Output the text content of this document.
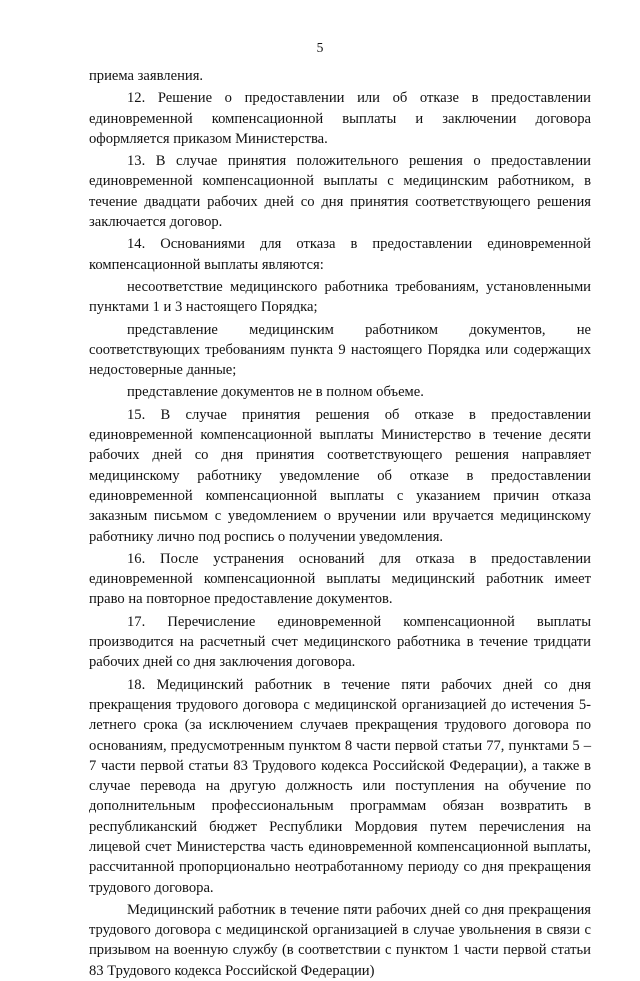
5

приема заявления.

12. Решение о предоставлении или об отказе в предоставлении единовременной компенсационной выплаты и заключении договора оформляется приказом Министерства.

13. В случае принятия положительного решения о предоставлении единовременной компенсационной выплаты с медицинским работником, в течение двадцати рабочих дней со дня принятия соответствующего решения заключается договор.

14. Основаниями для отказа в предоставлении единовременной компенсационной выплаты являются:

несоответствие медицинского работника требованиям, установленными пунктами 1 и 3 настоящего Порядка;

представление медицинским работником документов, не соответствующих требованиям пункта 9 настоящего Порядка или содержащих недостоверные данные;

представление документов не в полном объеме.

15. В случае принятия решения об отказе в предоставлении единовременной компенсационной выплаты Министерство в течение десяти рабочих дней со дня принятия соответствующего решения направляет медицинскому работнику уведомление об отказе в предоставлении единовременной компенсационной выплаты с указанием причин отказа заказным письмом с уведомлением о вручении или вручается медицинскому работнику лично под роспись о получении уведомления.

16. После устранения оснований для отказа в предоставлении единовременной компенсационной выплаты медицинский работник имеет право на повторное предоставление документов.

17. Перечисление единовременной компенсационной выплаты производится на расчетный счет медицинского работника в течение тридцати рабочих дней со дня заключения договора.

18. Медицинский работник в течение пяти рабочих дней со дня прекращения трудового договора с медицинской организацией до истечения 5-летнего срока (за исключением случаев прекращения трудового договора по основаниям, предусмотренным пунктом 8 части первой статьи 77, пунктами 5 – 7 части первой статьи 83 Трудового кодекса Российской Федерации), а также в случае перевода на другую должность или поступления на обучение по дополнительным профессиональным программам обязан возвратить в республиканский бюджет Республики Мордовия путем перечисления на лицевой счет Министерства часть единовременной компенсационной выплаты, рассчитанной пропорционально неотработанному периоду со дня прекращения трудового договора.

Медицинский работник в течение пяти рабочих дней со дня прекращения трудового договора с медицинской организацией в случае увольнения в связи с призывом на военную службу (в соответствии с пунктом 1 части первой статьи 83 Трудового кодекса Российской Федерации)
